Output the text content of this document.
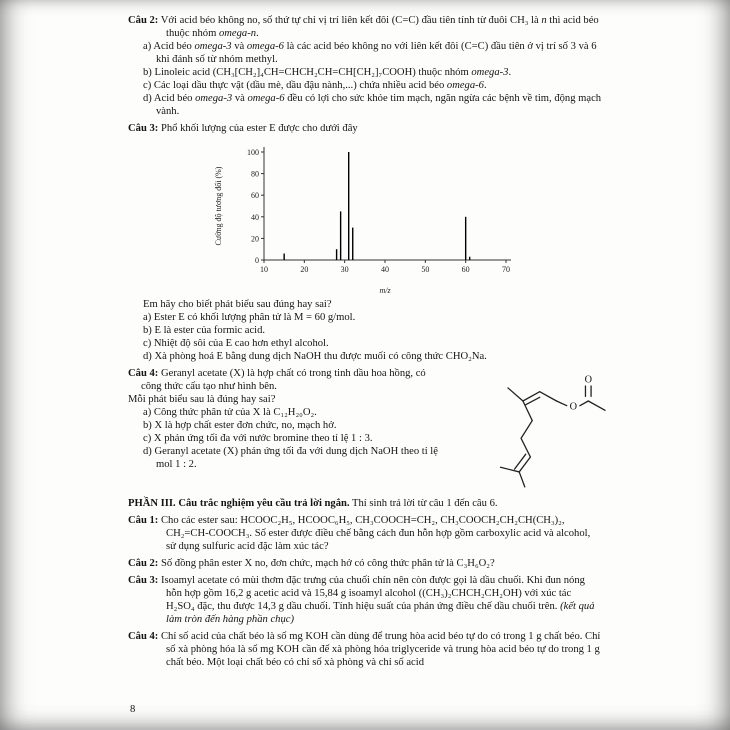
Câu 2: Với acid béo không no, số thứ tự chỉ vị trí liên kết đôi (C=C) đầu tiên tính từ đuôi CH₃ là n thì acid béo thuộc nhóm omega-n.

a) Acid béo omega-3 và omega-6 là các acid béo không no với liên kết đôi (C=C) đầu tiên ở vị trí số 3 và 6 khi đánh số từ nhóm methyl.

b) Linoleic acid (CH₃[CH₂]₄CH=CHCH₂CH=CH[CH₂]₇COOH) thuộc nhóm omega-3.

c) Các loại dầu thực vật (dầu mè, dầu đậu nành,...) chứa nhiều acid béo omega-6.

d) Acid béo omega-3 và omega-6 đều có lợi cho sức khỏe tim mạch, ngăn ngừa các bệnh về tim, động mạch vành.

Câu 3: Phổ khối lượng của ester E được cho dưới đây

0
20
40
60
80
100
10	20	30	40	50	60	70
m/z
Cường độ tương đối (%)

Em hãy cho biết phát biểu sau đúng hay sai?

a) Ester E có khối lượng phân tử là M = 60 g/mol.

b) E là ester của formic acid.

c) Nhiệt độ sôi của E cao hơn ethyl alcohol.

d) Xà phòng hoá E bằng dung dịch NaOH thu được muối có công thức CHO₂Na.

O
O

Câu 4: Geranyl acetate (X) là hợp chất có trong tinh dầu hoa hồng, có công thức cấu tạo như hình bên.

Mỗi phát biểu sau là đúng hay sai?

a) Công thức phân tử của X là C₁₂H₂₀O₂.

b) X là hợp chất ester đơn chức, no, mạch hở.

c) X phản ứng tối đa với nước bromine theo tỉ lệ 1 : 3.

d) Geranyl acetate (X) phản ứng tối đa với dung dịch NaOH theo tỉ lệ mol 1 : 2.

PHẦN III. Câu trắc nghiệm yêu cầu trả lời ngắn. Thí sinh trả lời từ câu 1 đến câu 6.

Câu 1: Cho các ester sau: HCOOC₂H₅, HCOOC₆H₅, CH₃COOCH=CH₂, CH₃COOCH₂CH₂CH(CH₃)₂, CH₂=CH-COOCH₃. Số ester được điều chế bằng cách đun hỗn hợp gồm carboxylic acid và alcohol, sử dụng sulfuric acid đặc làm xúc tác?

Câu 2: Số đồng phân ester X no, đơn chức, mạch hở có công thức phân tử là C₃H₆O₂?

Câu 3: Isoamyl acetate có mùi thơm đặc trưng của chuối chín nên còn được gọi là dầu chuối. Khi đun nóng hỗn hợp gồm 16,2 g acetic acid và 15,84 g isoamyl alcohol ((CH₃)₂CHCH₂CH₂OH) với xúc tác H₂SO₄ đặc, thu được 14,3 g dầu chuối. Tính hiệu suất của phản ứng điều chế dầu chuối trên. (kết quả làm tròn đến hàng phần chục)

Câu 4: Chỉ số acid của chất béo là số mg KOH cần dùng để trung hòa acid béo tự do có trong 1 g chất béo. Chỉ số xà phòng hóa là số mg KOH cần để xà phòng hóa triglyceride và trung hòa acid béo tự do trong 1 g chất béo. Một loại chất béo có chỉ số xà phòng và chỉ số acid

8
